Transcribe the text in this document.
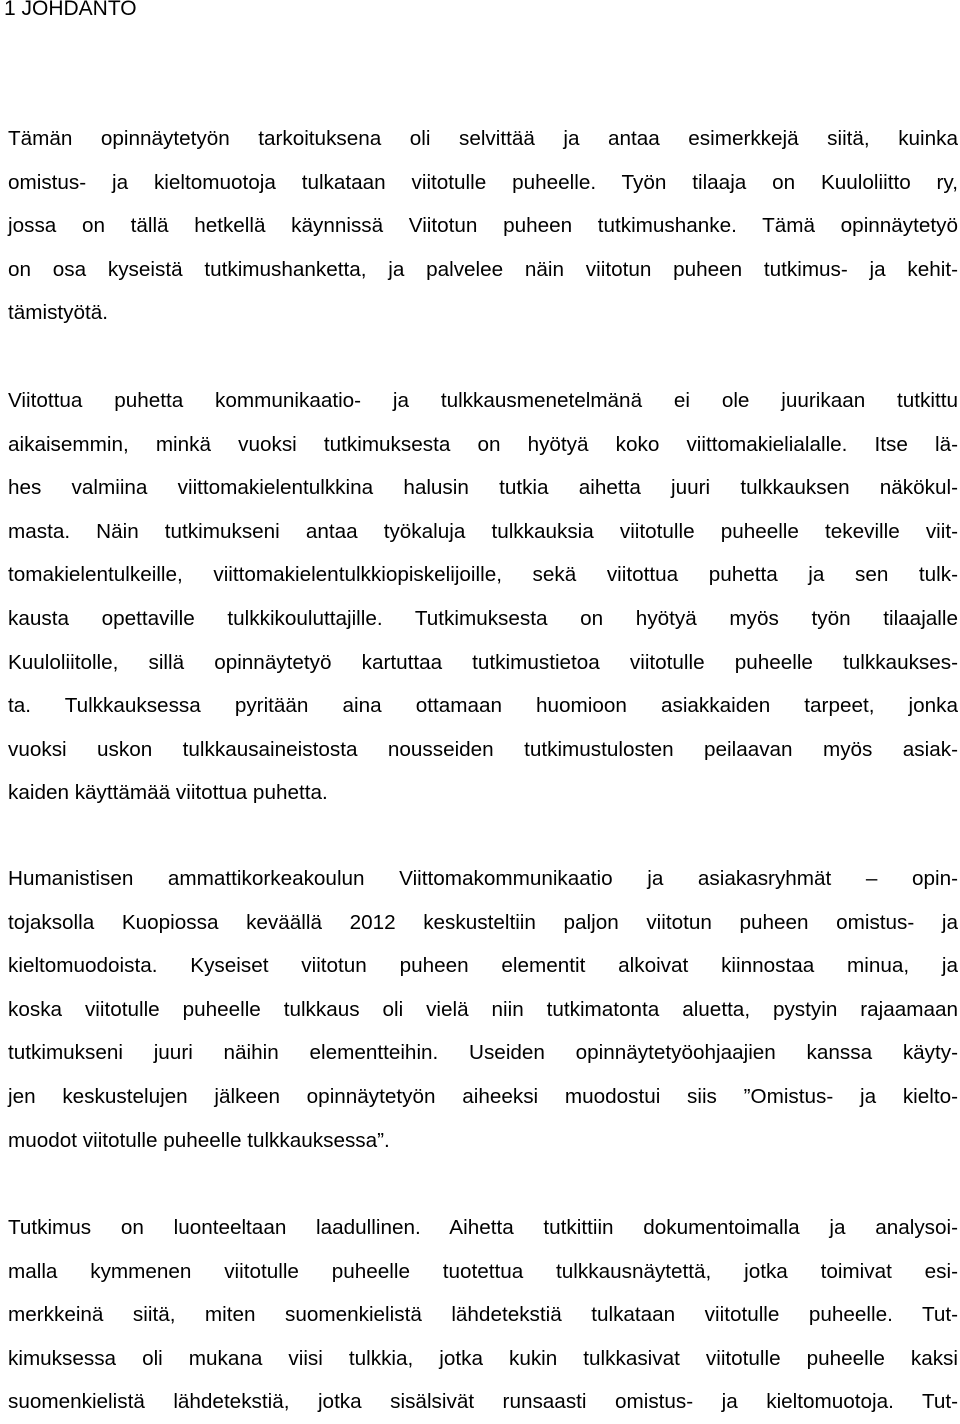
1 JOHDANTO
Tämän opinnäytetyön tarkoituksena oli selvittää ja antaa esimerkkejä siitä, kuinka
omistus- ja kieltomuotoja tulkataan viitotulle puheelle. Työn tilaaja on Kuuloliitto ry,
jossa on tällä hetkellä käynnissä Viitotun puheen tutkimushanke. Tämä opinnäytetyö
on osa kyseistä tutkimushanketta, ja palvelee näin viitotun puheen tutkimus- ja kehit-
tämistyötä.
Viitottua puhetta kommunikaatio- ja tulkkausmenetelmänä ei ole juurikaan tutkittu
aikaisemmin, minkä vuoksi tutkimuksesta on hyötyä koko viittomakielialalle. Itse lä-
hes valmiina viittomakielentulkkina halusin tutkia aihetta juuri tulkkauksen näkökul-
masta. Näin tutkimukseni antaa työkaluja tulkkauksia viitotulle puheelle tekeville viit-
tomakielentulkeille, viittomakielentulkkiopiskelijoille, sekä viitottua puhetta ja sen tulk-
kausta opettaville tulkkikouluttajille. Tutkimuksesta on hyötyä myös työn tilaajalle
Kuuloliitolle, sillä opinnäytetyö kartuttaa tutkimustietoa viitotulle puheelle tulkkaukses-
ta. Tulkkauksessa pyritään aina ottamaan huomioon asiakkaiden tarpeet, jonka
vuoksi uskon tulkkausaineistosta nousseiden tutkimustulosten peilaavan myös asiak-
kaiden käyttämää viitottua puhetta.
Humanistisen ammattikorkeakoulun Viittomakommunikaatio ja asiakasryhmät – opin-
tojaksolla Kuopiossa keväällä 2012 keskusteltiin paljon viitotun puheen omistus- ja
kieltomuodoista. Kyseiset viitotun puheen elementit alkoivat kiinnostaa minua, ja
koska viitotulle puheelle tulkkaus oli vielä niin tutkimatonta aluetta, pystyin rajaamaan
tutkimukseni juuri näihin elementteihin. Useiden opinnäytetyöohjaajien kanssa käyty-
jen keskustelujen jälkeen opinnäytetyön aiheeksi muodostui siis ”Omistus- ja kielto-
muodot viitotulle puheelle tulkkauksessa”.
Tutkimus on luonteeltaan laadullinen. Aihetta tutkittiin dokumentoimalla ja analysoi-
malla kymmenen viitotulle puheelle tuotettua tulkkausnäytettä, jotka toimivat esi-
merkkeinä siitä, miten suomenkielistä lähdetekstiä tulkataan viitotulle puheelle. Tut-
kimuksessa oli mukana viisi tulkkia, jotka kukin tulkkasivat viitotulle puheelle kaksi
suomenkielistä lähdetekstiä, jotka sisälsivät runsaasti omistus- ja kieltomuotoja. Tut-
